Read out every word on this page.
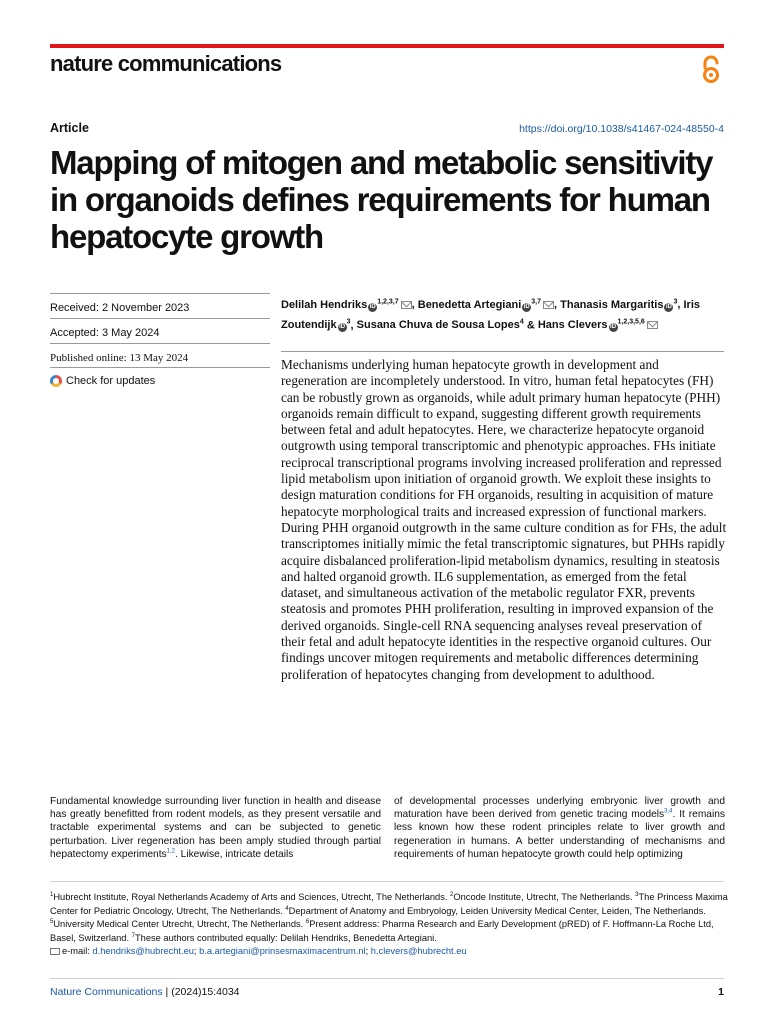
nature communications
Article	https://doi.org/10.1038/s41467-024-48550-4
Mapping of mitogen and metabolic sensitivity in organoids defines requirements for human hepatocyte growth
Received: 2 November 2023
Accepted: 3 May 2024
Published online: 13 May 2024
Check for updates
Delilah Hendriks iD$^{1,2,3,7}$ , Benedetta Artegiani iD$^{3,7}$ , Thanasis Margaritis $iD^3$, Iris Zoutendijk $iD^3$, Susana Chuva de Sousa Lopes$^4$ & Hans Clevers iD$^{1,2,3,5,6}$

Mechanisms underlying human hepatocyte growth in development and regeneration are incompletely understood. In vitro, human fetal hepatocytes (FH) can be robustly grown as organoids, while adult primary human hepatocyte (PHH) organoids remain difficult to expand, suggesting different growth requirements between fetal and adult hepatocytes. Here, we characterize hepatocyte organoid outgrowth using temporal transcriptomic and phenotypic approaches. FHs initiate reciprocal transcriptional programs involving increased proliferation and repressed lipid metabolism upon initiation of organoid growth. We exploit these insights to design maturation conditions for FH organoids, resulting in acquisition of mature hepatocyte morphological traits and increased expression of functional markers. During PHH organoid outgrowth in the same culture condition as for FHs, the adult transcriptomes initially mimic the fetal transcriptomic signatures, but PHHs rapidly acquire disbalanced proliferation-lipid metabolism dynamics, resulting in steatosis and halted organoid growth. IL6 supplementation, as emerged from the fetal dataset, and simultaneous activation of the metabolic regulator FXR, prevents steatosis and promotes PHH proliferation, resulting in improved expansion of the derived organoids. Single-cell RNA sequencing analyses reveal preservation of their fetal and adult hepatocyte identities in the respective organoid cultures. Our findings uncover mitogen requirements and metabolic differences determining proliferation of hepatocytes changing from development to adulthood.

Fundamental knowledge surrounding liver function in health and disease has greatly benefitted from rodent models, as they present versatile and tractable experimental systems and can be subjected to genetic perturbation. Liver regeneration has been amply studied through partial hepatectomy experiments$^{1,2}$. Likewise, intricate details

of developmental processes underlying embryonic liver growth and maturation have been derived from genetic tracing models$^{3,4}$. It remains less known how these rodent principles relate to liver growth and regeneration in humans. A better understanding of mechanisms and requirements of human hepatocyte growth could help optimizing

$^1$Hubrecht Institute, Royal Netherlands Academy of Arts and Sciences, Utrecht, The Netherlands. $^2$Oncode Institute, Utrecht, The Netherlands. $^3$The Princess Maxima Center for Pediatric Oncology, Utrecht, The Netherlands. $^4$Department of Anatomy and Embryology, Leiden University Medical Center, Leiden, The Netherlands. $^5$University Medical Center Utrecht, Utrecht, The Netherlands. $^6$Present address: Pharma Research and Early Development (pRED) of F. Hoffmann-La Roche Ltd, Basel, Switzerland. $^7$These authors contributed equally: Delilah Hendriks, Benedetta Artegiani.
e-mail: d.hendriks@hubrecht.eu; b.a.artegiani@prinsesmaximacentrum.nl; h.clevers@hubrecht.eu
Nature Communications | (2024)15:4034	1
